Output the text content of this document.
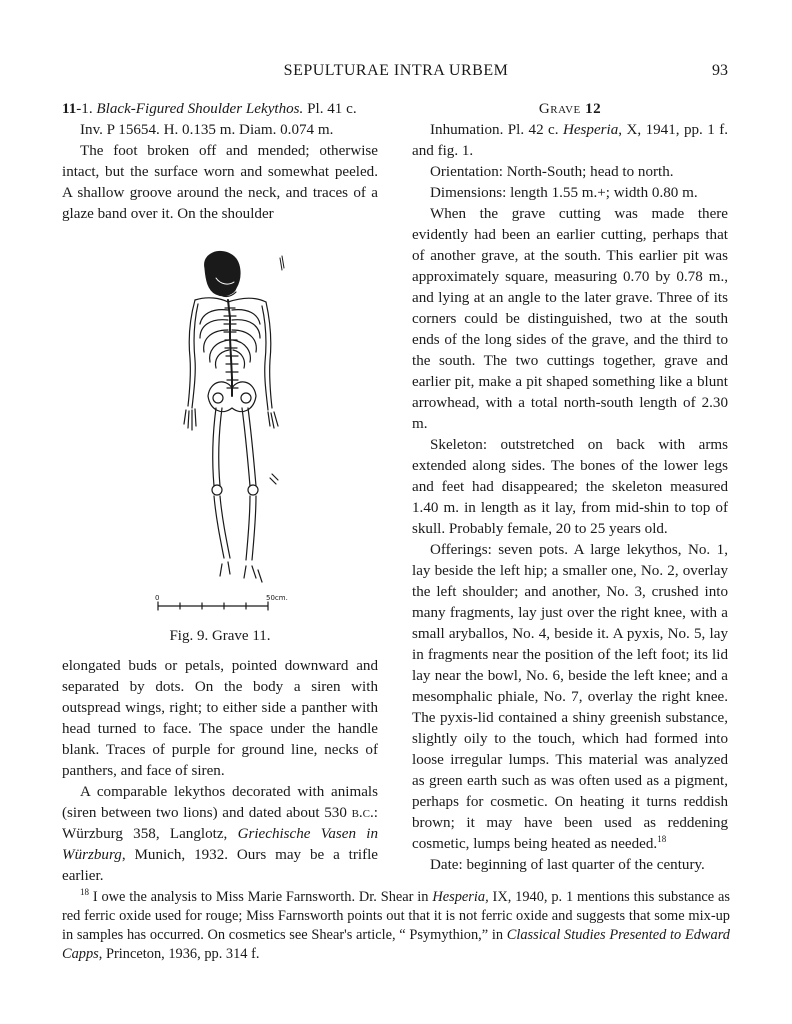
SEPULTURAE INTRA URBEM	93

11-1. Black-Figured Shoulder Lekythos. Pl. 41 c.

Inv. P 15654. H. 0.135 m. Diam. 0.074 m.

The foot broken off and mended; otherwise intact, but the surface worn and somewhat peeled. A shallow groove around the neck, and traces of a glaze band over it. On the shoulder

0	50cm.
Fig. 9. Grave 11.

elongated buds or petals, pointed downward and separated by dots. On the body a siren with outspread wings, right; to either side a panther with head turned to face. The space under the handle blank. Traces of purple for ground line, necks of panthers, and face of siren.

A comparable lekythos decorated with animals (siren between two lions) and dated about 530 b.c.: Würzburg 358, Langlotz, Griechische Vasen in Würzburg, Munich, 1932. Ours may be a trifle earlier.

Grave 12

Inhumation. Pl. 42 c. Hesperia, X, 1941, pp. 1 f. and fig. 1.

Orientation: North-South; head to north.

Dimensions: length 1.55 m.+; width 0.80 m.

When the grave cutting was made there evidently had been an earlier cutting, perhaps that of another grave, at the south. This earlier pit was approximately square, measuring 0.70 by 0.78 m., and lying at an angle to the later grave. Three of its corners could be distinguished, two at the south ends of the long sides of the grave, and the third to the south. The two cuttings together, grave and earlier pit, make a pit shaped something like a blunt arrowhead, with a total north-south length of 2.30 m.

Skeleton: outstretched on back with arms extended along sides. The bones of the lower legs and feet had disappeared; the skeleton measured 1.40 m. in length as it lay, from mid-shin to top of skull. Probably female, 20 to 25 years old.

Offerings: seven pots. A large lekythos, No. 1, lay beside the left hip; a smaller one, No. 2, overlay the left shoulder; and another, No. 3, crushed into many fragments, lay just over the right knee, with a small aryballos, No. 4, beside it. A pyxis, No. 5, lay in fragments near the position of the left foot; its lid lay near the bowl, No. 6, beside the left knee; and a mesomphalic phiale, No. 7, overlay the right knee. The pyxis-lid contained a shiny greenish substance, slightly oily to the touch, which had formed into loose irregular lumps. This material was analyzed as green earth such as was often used as a pigment, perhaps for cosmetic. On heating it turns reddish brown; it may have been used as reddening cosmetic, lumps being heated as needed.$^{18}$

Date: beginning of last quarter of the century.

$^{18}$ I owe the analysis to Miss Marie Farnsworth. Dr. Shear in Hesperia, IX, 1940, p. 1 mentions this substance as red ferric oxide used for rouge; Miss Farnsworth points out that it is not ferric oxide and suggests that some mix-up in samples has occurred. On cosmetics see Shear's article, “ Psymythion,” in Classical Studies Presented to Edward Capps, Princeton, 1936, pp. 314 f.
